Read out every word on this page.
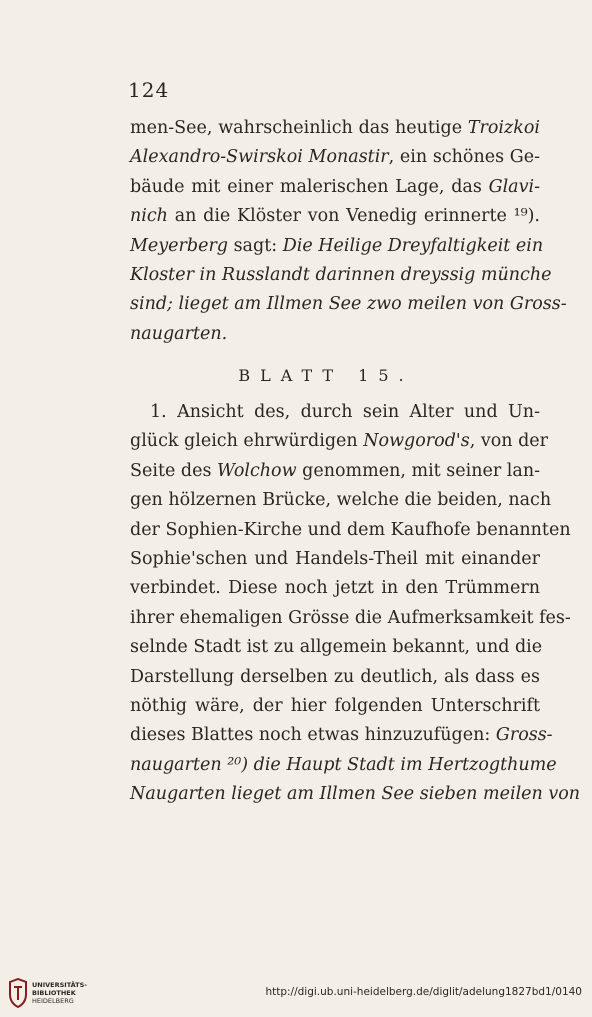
124
men-See, wahrscheinlich das heutige Troizkoi
Alexandro-Swirskoi Monastir, ein schönes Ge-
bäude mit einer malerischen Lage, das Glavi-
nich an die Klöster von Venedig erinnerte ¹⁹).
Meyerberg sagt: Die Heilige Dreyfaltigkeit ein
Kloster in Russlandt darinnen dreyssig münche
sind; lieget am Illmen See zwo meilen von Gross-
naugarten.
BLATT 15.
1. Ansicht des, durch sein Alter und Un-
glück gleich ehrwürdigen Nowgorod's, von der
Seite des Wolchow genommen, mit seiner lan-
gen hölzernen Brücke, welche die beiden, nach
der Sophien-Kirche und dem Kaufhofe benannten
Sophie'schen und Handels-Theil mit einander
verbindet. Diese noch jetzt in den Trümmern
ihrer ehemaligen Grösse die Aufmerksamkeit fes-
selnde Stadt ist zu allgemein bekannt, und die
Darstellung derselben zu deutlich, als dass es
nöthig wäre, der hier folgenden Unterschrift
dieses Blattes noch etwas hinzuzufügen: Gross-
naugarten ²⁰) die Haupt Stadt im Hertzogthume
Naugarten lieget am Illmen See sieben meilen von
UNIVERSITÄTS-
BIBLIOTHEK
HEIDELBERG
http://digi.ub.uni-heidelberg.de/diglit/adelung1827bd1/0140
